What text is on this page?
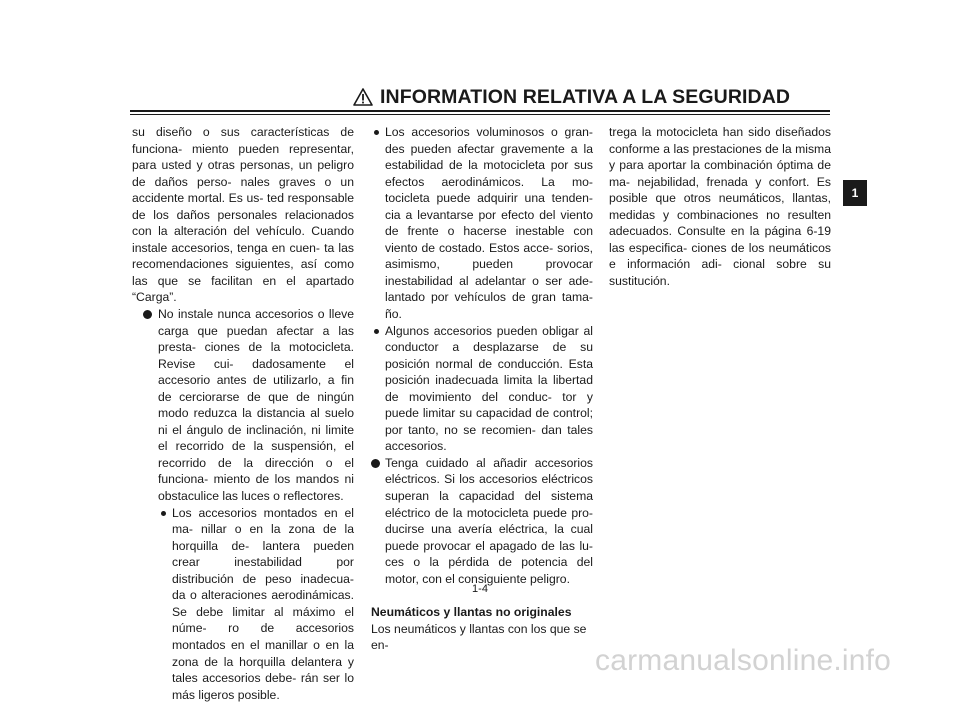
INFORMATION RELATIVA A LA SEGURIDAD
1

su diseño o sus características de funciona- miento pueden representar, para usted y otras personas, un peligro de daños perso- nales graves o un accidente mortal. Es us- ted responsable de los daños personales relacionados con la alteración del vehículo. Cuando instale accesorios, tenga en cuen- ta las recomendaciones siguientes, así como las que se facilitan en el apartado “Carga”.

No instale nunca accesorios o lleve carga que puedan afectar a las presta- ciones de la motocicleta. Revise cui- dadosamente el accesorio antes de utilizarlo, a fin de cerciorarse de que de ningún modo reduzca la distancia al suelo ni el ángulo de inclinación, ni limite el recorrido de la suspensión, el recorrido de la dirección o el funciona- miento de los mandos ni obstaculice las luces o reflectores.

Los accesorios montados en el ma- nillar o en la zona de la horquilla de- lantera pueden crear inestabilidad por distribución de peso inadecua- da o alteraciones aerodinámicas. Se debe limitar al máximo el núme- ro de accesorios montados en el manillar o en la zona de la horquilla delantera y tales accesorios debe- rán ser lo más ligeros posible.

Los accesorios voluminosos o gran- des pueden afectar gravemente a la estabilidad de la motocicleta por sus efectos aerodinámicos. La mo- tocicleta puede adquirir una tenden- cia a levantarse por efecto del viento de frente o hacerse inestable con viento de costado. Estos acce- sorios, asimismo, pueden provocar inestabilidad al adelantar o ser ade- lantado por vehículos de gran tama- ño.

Algunos accesorios pueden obligar al conductor a desplazarse de su posición normal de conducción. Esta posición inadecuada limita la libertad de movimiento del conduc- tor y puede limitar su capacidad de control; por tanto, no se recomien- dan tales accesorios.

Tenga cuidado al añadir accesorios eléctricos. Si los accesorios eléctricos superan la capacidad del sistema eléctrico de la motocicleta puede pro- ducirse una avería eléctrica, la cual puede provocar el apagado de las lu- ces o la pérdida de potencia del motor, con el consiguiente peligro.

Neumáticos y llantas no originales

Los neumáticos y llantas con los que se en-

trega la motocicleta han sido diseñados conforme a las prestaciones de la misma y para aportar la combinación óptima de ma- nejabilidad, frenada y confort. Es posible que otros neumáticos, llantas, medidas y combinaciones no resulten adecuados. Consulte en la página 6-19 las especifica- ciones de los neumáticos e información adi- cional sobre su sustitución.

1-4
carmanualsonline.info
